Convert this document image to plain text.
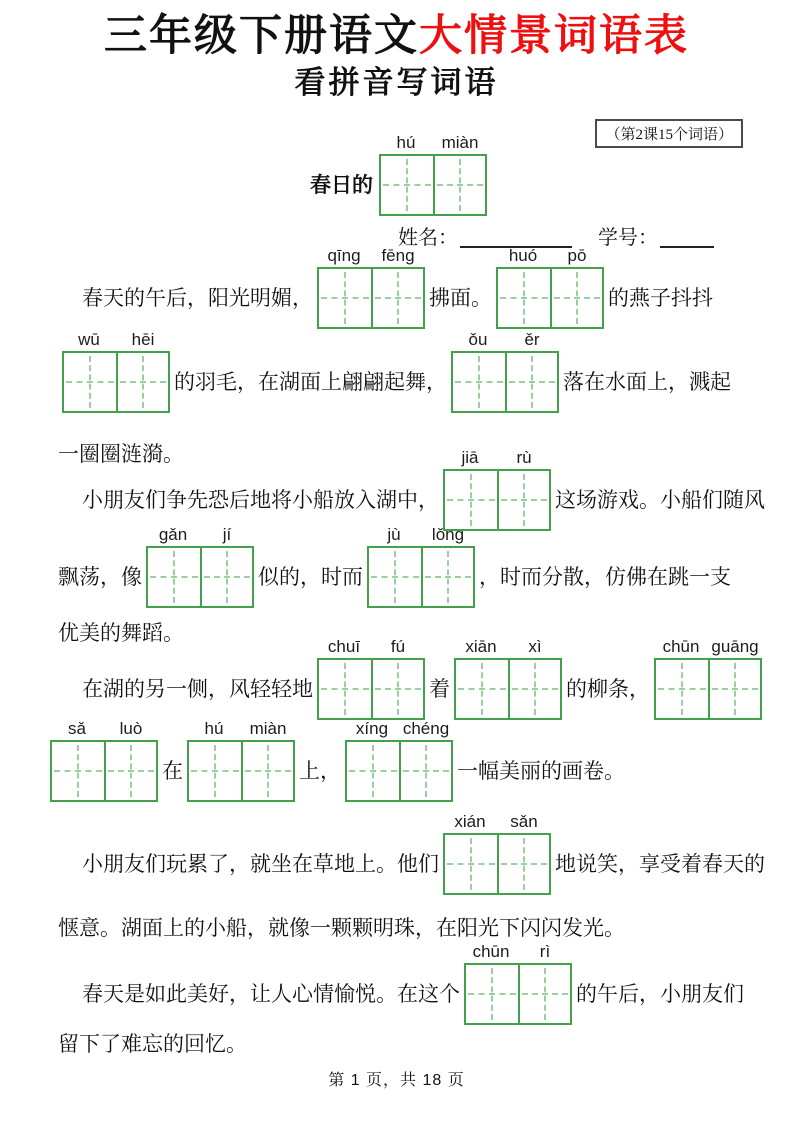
三年级下册语文大情景词语表
看拼音写词语
（第2课15个词语）
春日的
hú	miàn
姓名：	学号：
春天的午后，阳光明媚，
qīng	fēng
拂面。
huó	pō
的燕子抖抖
wū	hēi
的羽毛，在湖面上翩翩起舞，
ǒu	ěr
落在水面上，溅起
一圈圈涟漪。
小朋友们争先恐后地将小船放入湖中，
jiā	rù
这场游戏。小船们随风
飘荡，像
gǎn	jí
似的，时而
jù	lǒng
，时而分散，仿佛在跳一支
优美的舞蹈。
在湖的另一侧，风轻轻地
chuī	fú
着
xiān	xì
的柳条，
chūn guāng
sǎ	luò
在
hú	miàn
上，
xíng chéng
一幅美丽的画卷。
小朋友们玩累了，就坐在草地上。他们
xián	sǎn
地说笑，享受着春天的
惬意。湖面上的小船，就像一颗颗明珠，在阳光下闪闪发光。
春天是如此美好，让人心情愉悦。在这个
chūn	rì
的午后，小朋友们
留下了难忘的回忆。
第 1 页，共 18 页
